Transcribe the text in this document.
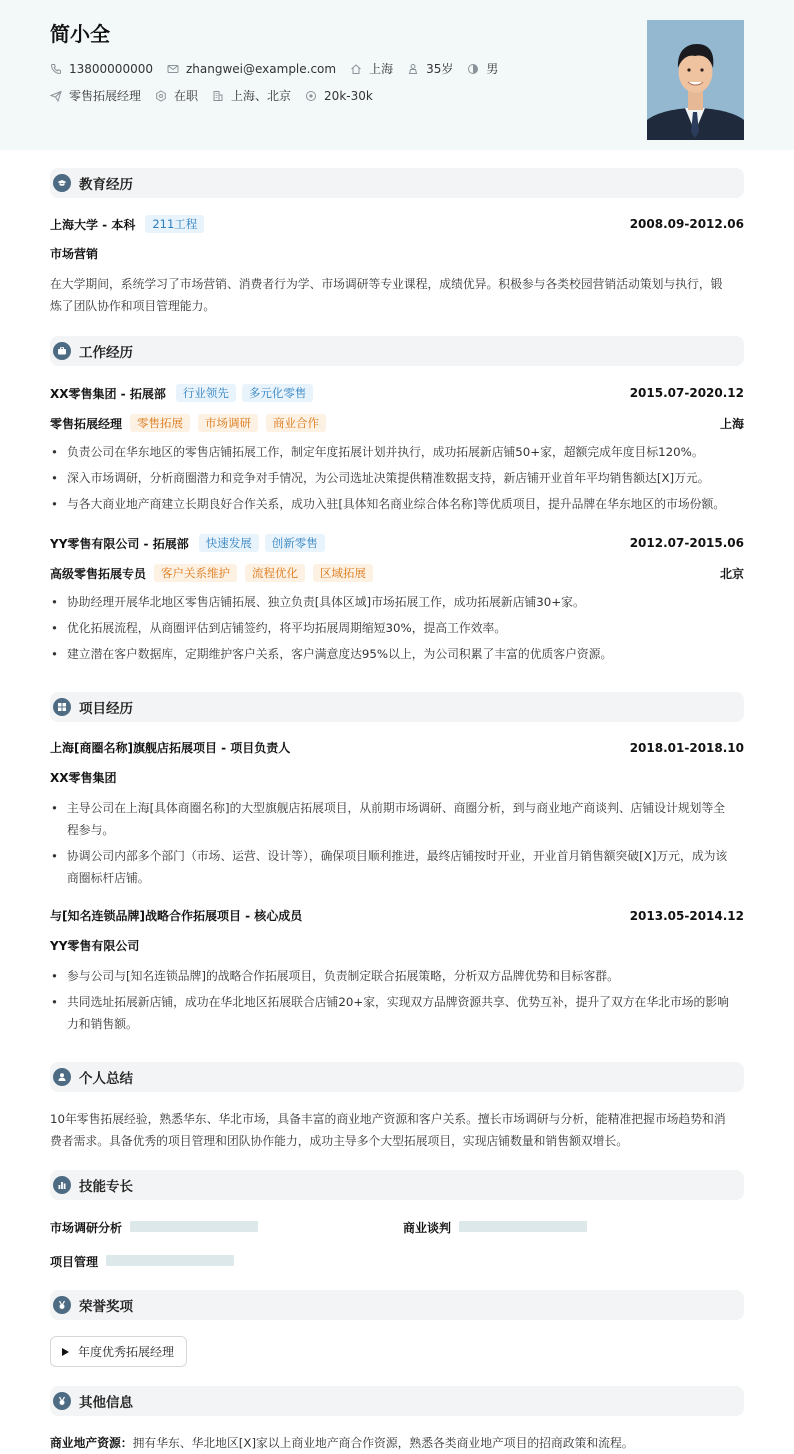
简小全
13800000000	zhangwei@example.com	上海	35岁	男
零售拓展经理	在职	上海、北京	20k-30k
教育经历
上海大学 - 本科	211工程	2008.09-2012.06
市场营销
在大学期间，系统学习了市场营销、消费者行为学、市场调研等专业课程，成绩优异。积极参与各类校园营销活动策划与执行，锻
炼了团队协作和项目管理能力。
工作经历
XX零售集团 - 拓展部	行业领先	多元化零售	2015.07-2020.12
零售拓展经理	零售拓展	市场调研	商业合作	上海
• 负责公司在华东地区的零售店铺拓展工作，制定年度拓展计划并执行，成功拓展新店铺50+家，超额完成年度目标120%。
• 深入市场调研，分析商圈潜力和竞争对手情况，为公司选址决策提供精准数据支持，新店铺开业首年平均销售额达[X]万元。
• 与各大商业地产商建立长期良好合作关系，成功入驻[具体知名商业综合体名称]等优质项目，提升品牌在华东地区的市场份额。
YY零售有限公司 - 拓展部	快速发展	创新零售	2012.07-2015.06
高级零售拓展专员	客户关系维护	流程优化	区域拓展	北京
• 协助经理开展华北地区零售店铺拓展、独立负责[具体区域]市场拓展工作，成功拓展新店铺30+家。
• 优化拓展流程，从商圈评估到店铺签约，将平均拓展周期缩短30%，提高工作效率。
• 建立潜在客户数据库，定期维护客户关系，客户满意度达95%以上，为公司积累了丰富的优质客户资源。
项目经历
上海[商圈名称]旗舰店拓展项目 - 项目负责人	2018.01-2018.10
XX零售集团
• 主导公司在上海[具体商圈名称]的大型旗舰店拓展项目，从前期市场调研、商圈分析，到与商业地产商谈判、店铺设计规划等全
程参与。
• 协调公司内部多个部门（市场、运营、设计等），确保项目顺利推进，最终店铺按时开业，开业首月销售额突破[X]万元，成为该
商圈标杆店铺。
与[知名连锁品牌]战略合作拓展项目 - 核心成员	2013.05-2014.12
YY零售有限公司
• 参与公司与[知名连锁品牌]的战略合作拓展项目，负责制定联合拓展策略，分析双方品牌优势和目标客群。
• 共同选址拓展新店铺，成功在华北地区拓展联合店铺20+家，实现双方品牌资源共享、优势互补，提升了双方在华北市场的影响
力和销售额。
个人总结
10年零售拓展经验，熟悉华东、华北市场，具备丰富的商业地产资源和客户关系。擅长市场调研与分析，能精准把握市场趋势和消
费者需求。具备优秀的项目管理和团队协作能力，成功主导多个大型拓展项目，实现店铺数量和销售额双增长。
技能专长
市场调研分析	商业谈判
项目管理
荣誉奖项
年度优秀拓展经理
其他信息
商业地产资源：拥有华东、华北地区[X]家以上商业地产商合作资源，熟悉各类商业地产项目的招商政策和流程。
